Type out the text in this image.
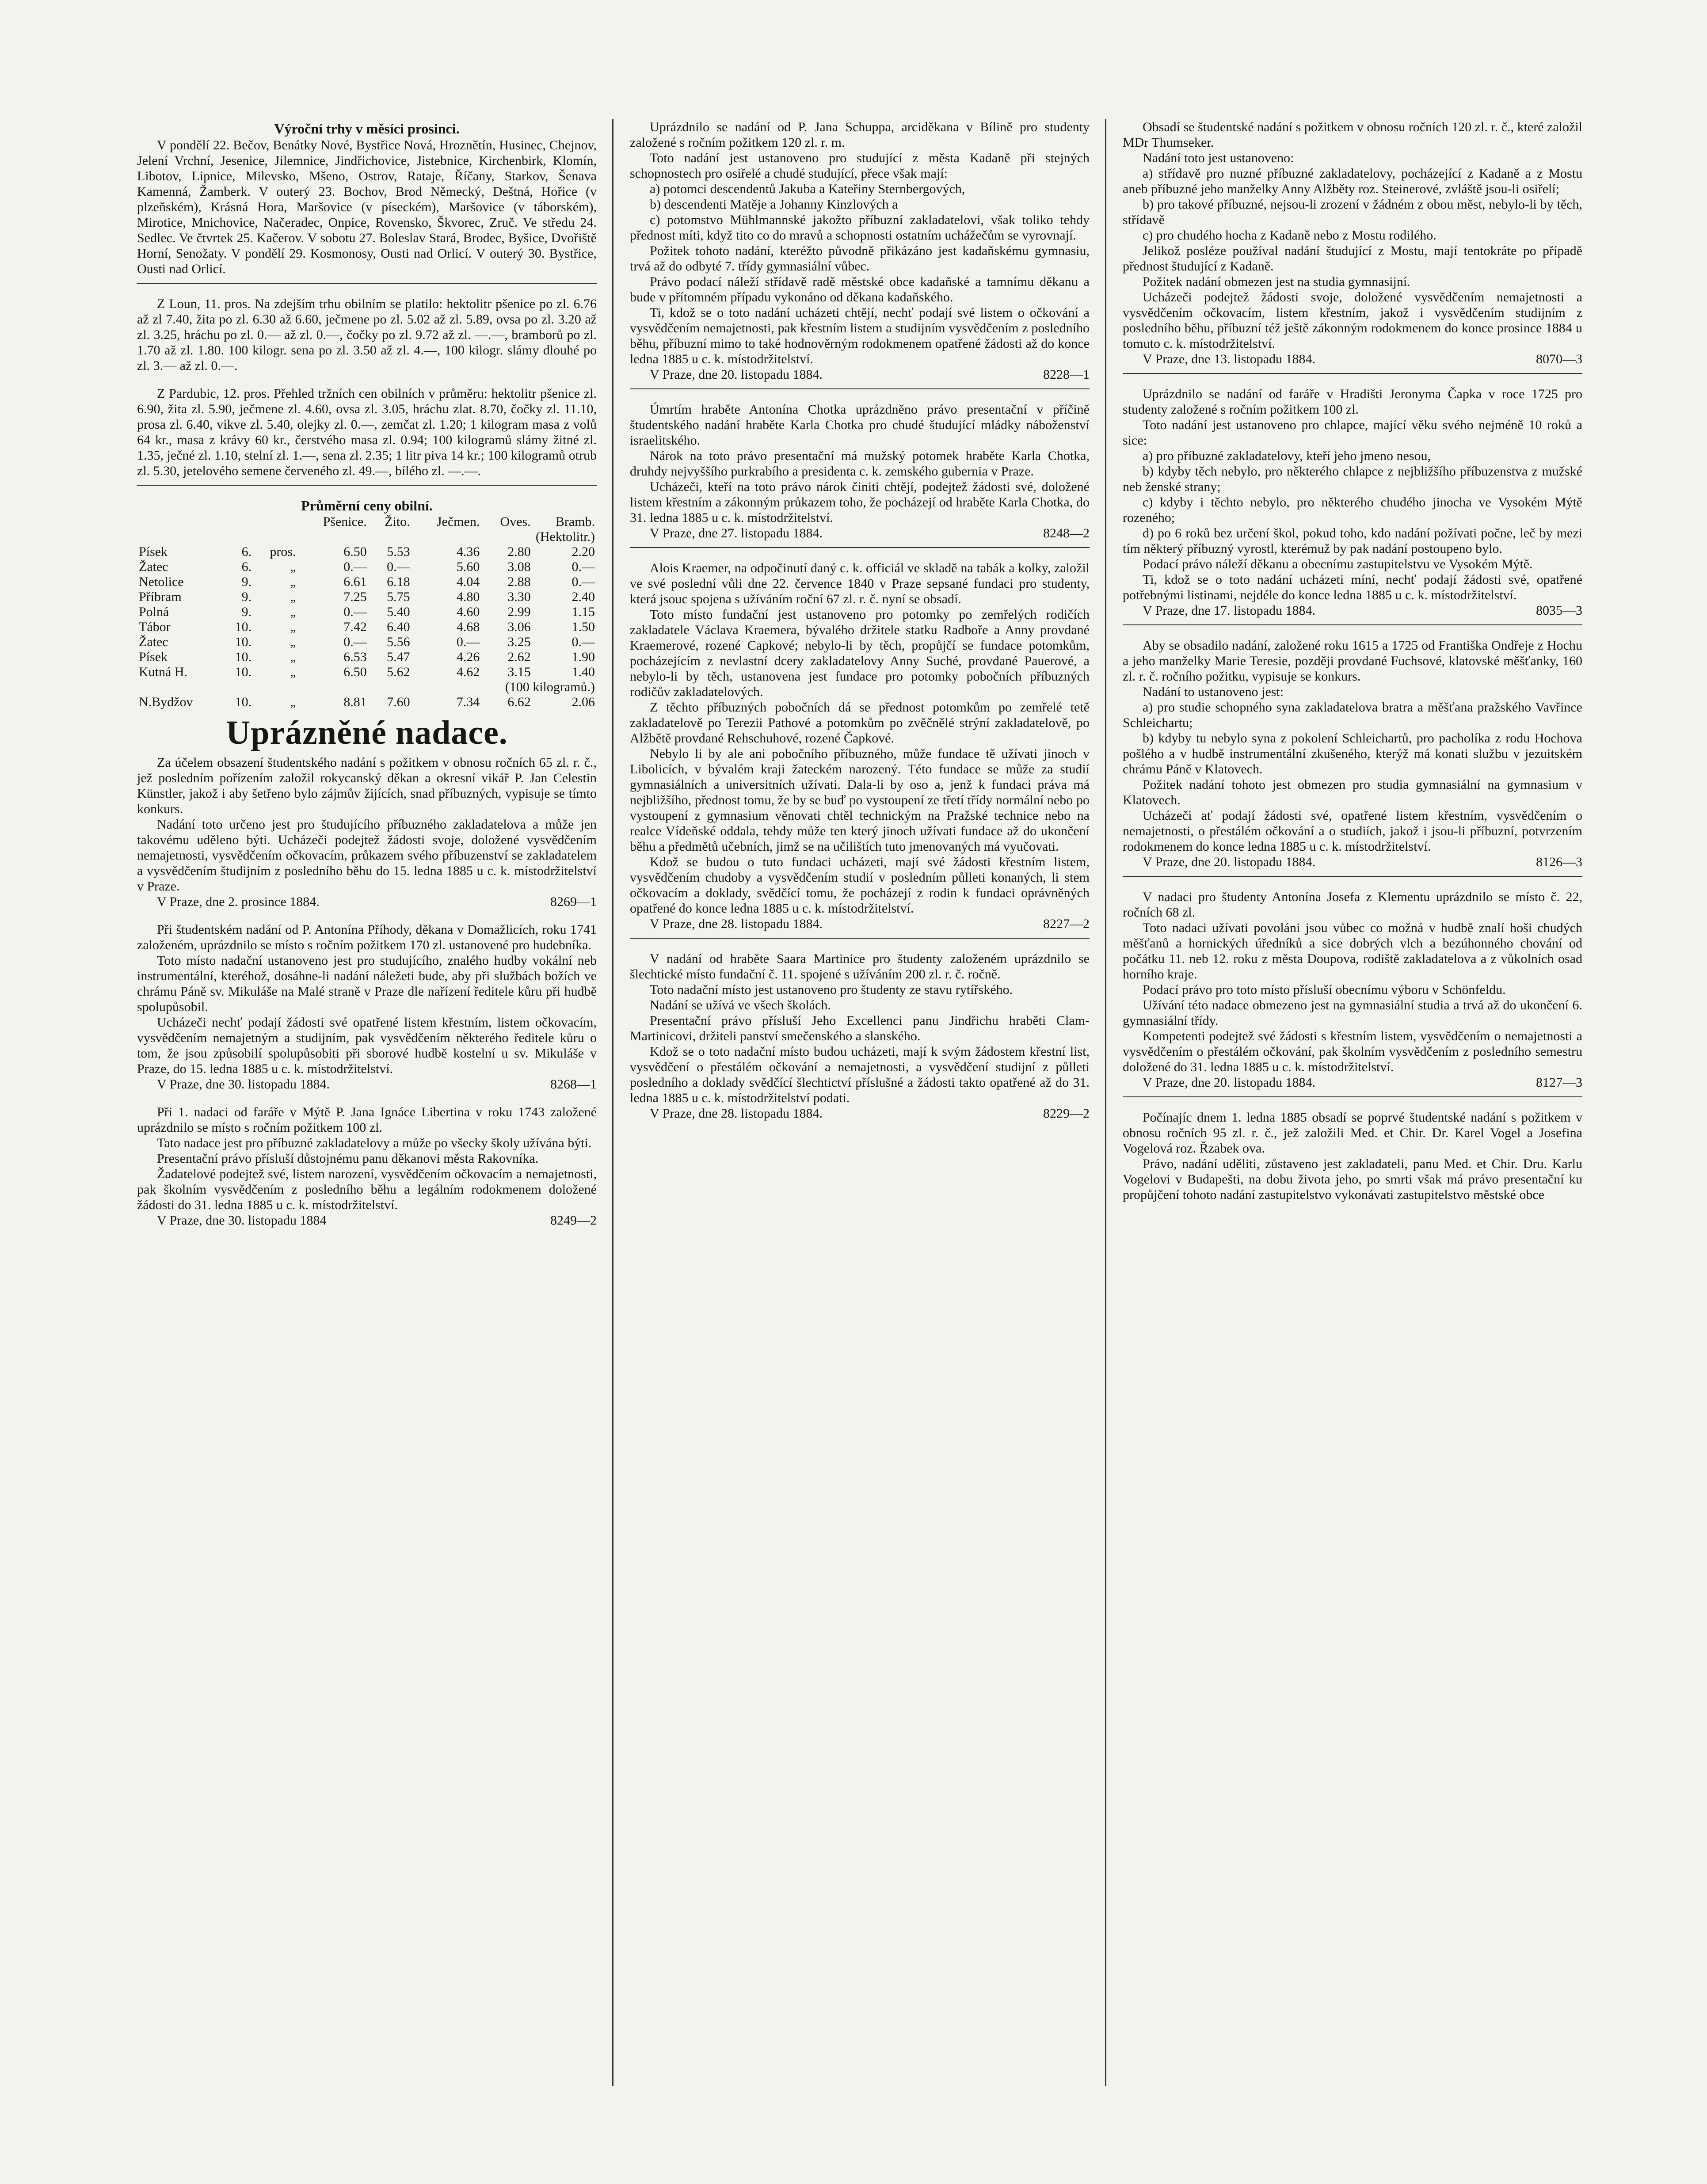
Výroční trhy v měsíci prosinci.

V pondělí 22. Bečov, Benátky Nové, Bystřice Nová, Hroznětín, Husinec, Chejnov, Jelení Vrchní, Jesenice, Jilemnice, Jindřichovice, Jistebnice, Kirchenbirk, Klomín, Libotov, Lipnice, Milevsko, Mšeno, Ostrov, Rataje, Říčany, Starkov, Šenava Kamenná, Žamberk. V outerý 23. Bochov, Brod Německý, Deštná, Hořice (v plzeňském), Krásná Hora, Maršovice (v píseckém), Maršovice (v táborském), Mirotice, Mnichovice, Načeradec, Onpice, Rovensko, Škvorec, Zruč. Ve středu 24. Sedlec. Ve čtvrtek 25. Kačerov. V sobotu 27. Boleslav Stará, Brodec, Byšice, Dvořiště Horní, Senožaty. V pondělí 29. Kosmonosy, Ousti nad Orlicí. V outerý 30. Bystřice, Ousti nad Orlicí.

Z Loun, 11. pros. Na zdejším trhu obilním se platilo: hektolitr pšenice po zl. 6.76 až zl 7.40, žita po zl. 6.30 až 6.60, ječmene po zl. 5.02 až zl. 5.89, ovsa po zl. 3.20 až zl. 3.25, hráchu po zl. 0.— až zl. 0.—, čočky po zl. 9.72 až zl. —.—, bramborů po zl. 1.70 až zl. 1.80. 100 kilogr. sena po zl. 3.50 až zl. 4.—, 100 kilogr. slámy dlouhé po zl. 3.— až zl. 0.—.

Z Pardubic, 12. pros. Přehled tržních cen obilních v průměru: hektolitr pšenice zl. 6.90, žita zl. 5.90, ječmene zl. 4.60, ovsa zl. 3.05, hráchu zlat. 8.70, čočky zl. 11.10, prosa zl. 6.40, vikve zl. 5.40, olejky zl. 0.—, zemčat zl. 1.20; 1 kilogram masa z volů 64 kr., masa z krávy 60 kr., čerstvého masa zl. 0.94; 100 kilogramů slámy žitné zl. 1.35, ječné zl. 1.10, stelní zl. 1.—, sena zl. 2.35; 1 litr piva 14 kr.; 100 kilogramů otrub zl. 5.30, jetelového semene červeného zl. 49.—, bílého zl. —.—.

Průměrní ceny obilní.
			Pšenice.	Žito.	Ječmen.	Oves.	Bramb.
(Hektolitr.)							
Písek	6.	pros.	6.50	5.53	4.36	2.80	2.20
Žatec	6.	„	0.—	0.—	5.60	3.08	0.—
Netolice	9.	„	6.61	6.18	4.04	2.88	0.—
Příbram	9.	„	7.25	5.75	4.80	3.30	2.40
Polná	9.	„	0.—	5.40	4.60	2.99	1.15
Tábor	10.	„	7.42	6.40	4.68	3.06	1.50
Žatec	10.	„	0.—	5.56	0.—	3.25	0.—
Písek	10.	„	6.53	5.47	4.26	2.62	1.90
Kutná H.	10.	„	6.50	5.62	4.62	3.15	1.40
(100 kilogramů.)							
N.Bydžov	10.	„	8.81	7.60	7.34	6.62	2.06
Uprázněné nadace.

Za účelem obsazení študentského nadání s požitkem v obnosu ročních 65 zl. r. č., jež posledním pořízením založil rokycanský děkan a okresní vikář P. Jan Celestin Künstler, jakož i aby šetřeno bylo zájmův žijících, snad příbuzných, vypisuje se tímto konkurs.

Nadání toto určeno jest pro študujícího příbuzného zakladatelova a může jen takovému uděleno býti. Ucházeči podejtež žádosti svoje, doložené vysvědčením nemajetnosti, vysvědčením očkovacím, průkazem svého příbuzenství se zakladatelem a vysvědčením študijním z posledního běhu do 15. ledna 1885 u c. k. místodržitelství v Praze.

V Praze, dne 2. prosince 1884.	8269—1

Při študentském nadání od P. Antonína Příhody, děkana v Domažlicích, roku 1741 založeném, uprázdnilo se místo s ročním požitkem 170 zl. ustanovené pro hudebníka.

Toto místo nadační ustanoveno jest pro studujícího, znalého hudby vokální neb instrumentální, kteréhož, dosáhne-li nadání náležeti bude, aby při službách božích ve chrámu Páně sv. Mikuláše na Malé straně v Praze dle nařízení ředitele kůru při hudbě spolupůsobil.

Ucházeči nechť podají žádosti své opatřené listem křestním, listem očkovacím, vysvědčením nemajetným a studijním, pak vysvědčením některého ředitele kůru o tom, že jsou způsobilí spolupůsobiti při sborové hudbě kostelní u sv. Mikuláše v Praze, do 15. ledna 1885 u c. k. místodržitelství.

V Praze, dne 30. listopadu 1884.	8268—1

Při 1. nadaci od faráře v Mýtě P. Jana Ignáce Libertina v roku 1743 založené uprázdnilo se místo s ročním požitkem 100 zl.

Tato nadace jest pro příbuzné zakladatelovy a může po všecky školy užívána býti.

Presentační právo přísluší důstojnému panu děkanovi města Rakovníka.

Žadatelové podejtež své, listem narození, vysvědčením očkovacím a nemajetnosti, pak školním vysvědčením z posledního běhu a legálním rodokmenem doložené žádosti do 31. ledna 1885 u c. k. místodržitelství.

V Praze, dne 30. listopadu 1884	8249—2

Uprázdnilo se nadání od P. Jana Schuppa, arciděkana v Bílině pro studenty založené s ročním požitkem 120 zl. r. m.

Toto nadání jest ustanoveno pro studující z města Kadaně při stejných schopnostech pro osiřelé a chudé studující, přece však mají:

a) potomci descendentů Jakuba a Kateřiny Sternbergových,

b) descendenti Matěje a Johanny Kinzlových a

c) potomstvo Mühlmannské jakožto příbuzní zakladatelovi, však toliko tehdy přednost míti, když tito co do mravů a schopnosti ostatním uchážečům se vyrovnají.

Požitek tohoto nadání, kteréžto původně přikázáno jest kadaňskému gymnasiu, trvá až do odbyté 7. třídy gymnasiální vůbec.

Právo podací náleží střídavě radě městské obce kadaňské a tamnímu děkanu a bude v přítomném případu vykonáno od děkana kadaňského.

Ti, kdož se o toto nadání ucházeti chtějí, nechť podají své listem o očkování a vysvědčením nemajetnosti, pak křestním listem a studijním vysvědčením z posledního běhu, příbuzní mimo to také hodnověrným rodokmenem opatřené žádosti až do konce ledna 1885 u c. k. místodržitelství.

V Praze, dne 20. listopadu 1884.	8228—1

Úmrtím hraběte Antonína Chotka uprázdněno právo presentační v příčině študentského nadání hraběte Karla Chotka pro chudé študující mládky náboženství israelitského.

Nárok na toto právo presentační má mužský potomek hraběte Karla Chotka, druhdy nejvyššího purkrabího a presidenta c. k. zemského gubernia v Praze.

Ucházeči, kteří na toto právo nárok činiti chtějí, podejtež žádosti své, doložené listem křestním a zákonným průkazem toho, že pocházejí od hraběte Karla Chotka, do 31. ledna 1885 u c. k. místodržitelství.

V Praze, dne 27. listopadu 1884.	8248—2

Alois Kraemer, na odpočinutí daný c. k. officiál ve skladě na tabák a kolky, založil ve své poslední vůli dne 22. července 1840 v Praze sepsané fundaci pro studenty, která jsouc spojena s užíváním roční 67 zl. r. č. nyní se obsadí.

Toto místo fundační jest ustanoveno pro potomky po zemřelých rodičích zakladatele Václava Kraemera, bývalého držitele statku Radboře a Anny provdané Kraemerové, rozené Capkové; nebylo-li by těch, propůjčí se fundace potomkům, pocházejícím z nevlastní dcery zakladatelovy Anny Suché, provdané Pauerové, a nebylo-li by těch, ustanovena jest fundace pro potomky pobočních příbuzných rodičův zakladatelových.

Z těchto příbuzných pobočních dá se přednost potomkům po zemřelé tetě zakladatelově po Terezii Pathové a potomkům po zvěčnělé strýní zakladatelově, po Alžbětě provdané Rehschuhové, rozené Čapkové.

Nebylo li by ale ani pobočního příbuzného, může fundace tě užívati jinoch v Libolicích, v bývalém kraji žateckém narozený. Této fundace se může za studií gymnasiálních a universitních užívati. Dala-li by oso a, jenž k fundaci práva má nejbližšího, přednost tomu, že by se buď po vystoupení ze třetí třídy normální nebo po vystoupení z gymnasium věnovati chtěl technickým na Pražské technice nebo na realce Vídeňské oddala, tehdy může ten který jinoch užívati fundace až do ukončení běhu a předmětů učebních, jimž se na učilištích tuto jmenovaných má vyučovati.

Kdož se budou o tuto fundaci ucházeti, mají své žádosti křestním listem, vysvědčením chudoby a vysvědčením studií v posledním půlleti konaných, li stem očkovacím a doklady, svědčící tomu, že pocházejí z rodin k fundaci oprávněných opatřené do konce ledna 1885 u c. k. místodržitelství.

V Praze, dne 28. listopadu 1884.	8227—2

V nadání od hraběte Saara Martinice pro študenty založeném uprázdnilo se šlechtické místo fundační č. 11. spojené s užíváním 200 zl. r. č. ročně.

Toto nadační místo jest ustanoveno pro študenty ze stavu rytířského.

Nadání se užívá ve všech školách.

Presentační právo přísluší Jeho Excellenci panu Jindřichu hraběti Clam-Martinicovi, držiteli panství smečenského a slanského.

Kdož se o toto nadační místo budou ucházeti, mají k svým žádostem křestní list, vysvědčení o přestálém očkování a nemajetnosti, a vysvědčení studijní z půlleti posledního a doklady svědčící šlechtictví příslušné a žádosti takto opatřené až do 31. ledna 1885 u c. k. místodržitelství podati.

V Praze, dne 28. listopadu 1884.	8229—2

Obsadí se študentské nadání s požitkem v obnosu ročních 120 zl. r. č., které založil MDr Thumseker.

Nadání toto jest ustanoveno:

a) střídavě pro nuzné příbuzné zakladatelovy, pocházející z Kadaně a z Mostu aneb příbuzné jeho manželky Anny Alžběty roz. Steinerové, zvláště jsou-li osiřelí;

b) pro takové příbuzné, nejsou-li zrození v žádném z obou měst, nebylo-li by těch, střídavě

c) pro chudého hocha z Kadaně nebo z Mostu rodilého.

Jelikož posléze používal nadání študující z Mostu, mají tentokráte po případě přednost študující z Kadaně.

Požitek nadání obmezen jest na studia gymnasijní.

Ucházeči podejtež žádosti svoje, doložené vysvědčením nemajetnosti a vysvědčením očkovacím, listem křestním, jakož i vysvědčením studijním z posledního běhu, příbuzní též ještě zákonným rodokmenem do konce prosince 1884 u tomuto c. k. místodržitelství.

V Praze, dne 13. listopadu 1884.	8070—3

Uprázdnilo se nadání od faráře v Hradišti Jeronyma Čapka v roce 1725 pro studenty založené s ročním požitkem 100 zl.

Toto nadání jest ustanoveno pro chlapce, mající věku svého nejméně 10 roků a sice:

a) pro příbuzné zakladatelovy, kteří jeho jmeno nesou,

b) kdyby těch nebylo, pro některého chlapce z nejbližšího příbuzenstva z mužské neb ženské strany;

c) kdyby i těchto nebylo, pro některého chudého jinocha ve Vysokém Mýtě rozeného;

d) po 6 roků bez určení škol, pokud toho, kdo nadání požívati počne, leč by mezi tím některý příbuzný vyrostl, kterémuž by pak nadání postoupeno bylo.

Podací právo náleží děkanu a obecnímu zastupitelstvu ve Vysokém Mýtě.

Ti, kdož se o toto nadání ucházeti míní, nechť podají žádosti své, opatřené potřebnými listinami, nejdéle do konce ledna 1885 u c. k. místodržitelství.

V Praze, dne 17. listopadu 1884.	8035—3

Aby se obsadilo nadání, založené roku 1615 a 1725 od Františka Ondřeje z Hochu a jeho manželky Marie Teresie, později provdané Fuchsové, klatovské měšťanky, 160 zl. r. č. ročního požitku, vypisuje se konkurs.

Nadání to ustanoveno jest:

a) pro studie schopného syna zakladatelova bratra a měšťana pražského Vavřince Schleichartu;

b) kdyby tu nebylo syna z pokolení Schleichartů, pro pacholíka z rodu Hochova pošlého a v hudbě instrumentální zkušeného, kterýž má konati službu v jezuitském chrámu Páně v Klatovech.

Požitek nadání tohoto jest obmezen pro studia gymnasiální na gymnasium v Klatovech.

Ucházeči ať podají žádosti své, opatřené listem křestním, vysvědčením o nemajetnosti, o přestálém očkování a o studiích, jakož i jsou-li příbuzní, potvrzením rodokmenem do konce ledna 1885 u c. k. místodržitelství.

V Praze, dne 20. listopadu 1884.	8126—3

V nadaci pro študenty Antonína Josefa z Klementu uprázdnilo se místo č. 22, ročních 68 zl.

Toto nadaci užívati povoláni jsou vůbec co možná v hudbě znalí hoši chudých měšťanů a hornických úředníků a sice dobrých vlch a bezúhonného chování od počátku 11. neb 12. roku z města Doupova, rodiště zakladatelova a z vůkolních osad horního kraje.

Podací právo pro toto místo přísluší obecnímu výboru v Schönfeldu.

Užívání této nadace obmezeno jest na gymnasiální studia a trvá až do ukončení 6. gymnasiální třídy.

Kompetenti podejtež své žádosti s křestním listem, vysvědčením o nemajetnosti a vysvědčením o přestálém očkování, pak školním vysvědčením z posledního semestru doložené do 31. ledna 1885 u c. k. místodržitelství.

V Praze, dne 20. listopadu 1884.	8127—3

Počínajíc dnem 1. ledna 1885 obsadí se poprvé študentské nadání s požitkem v obnosu ročních 95 zl. r. č., jež založili Med. et Chir. Dr. Karel Vogel a Josefina Vogelová roz. Řzabek ova.

Právo, nadání uděliti, zůstaveno jest zakladateli, panu Med. et Chir. Dru. Karlu Vogelovi v Budapešti, na dobu života jeho, po smrti však má právo presentační ku propůjčení tohoto nadání zastupitelstvo vykonávati zastupitelstvo městské obce
